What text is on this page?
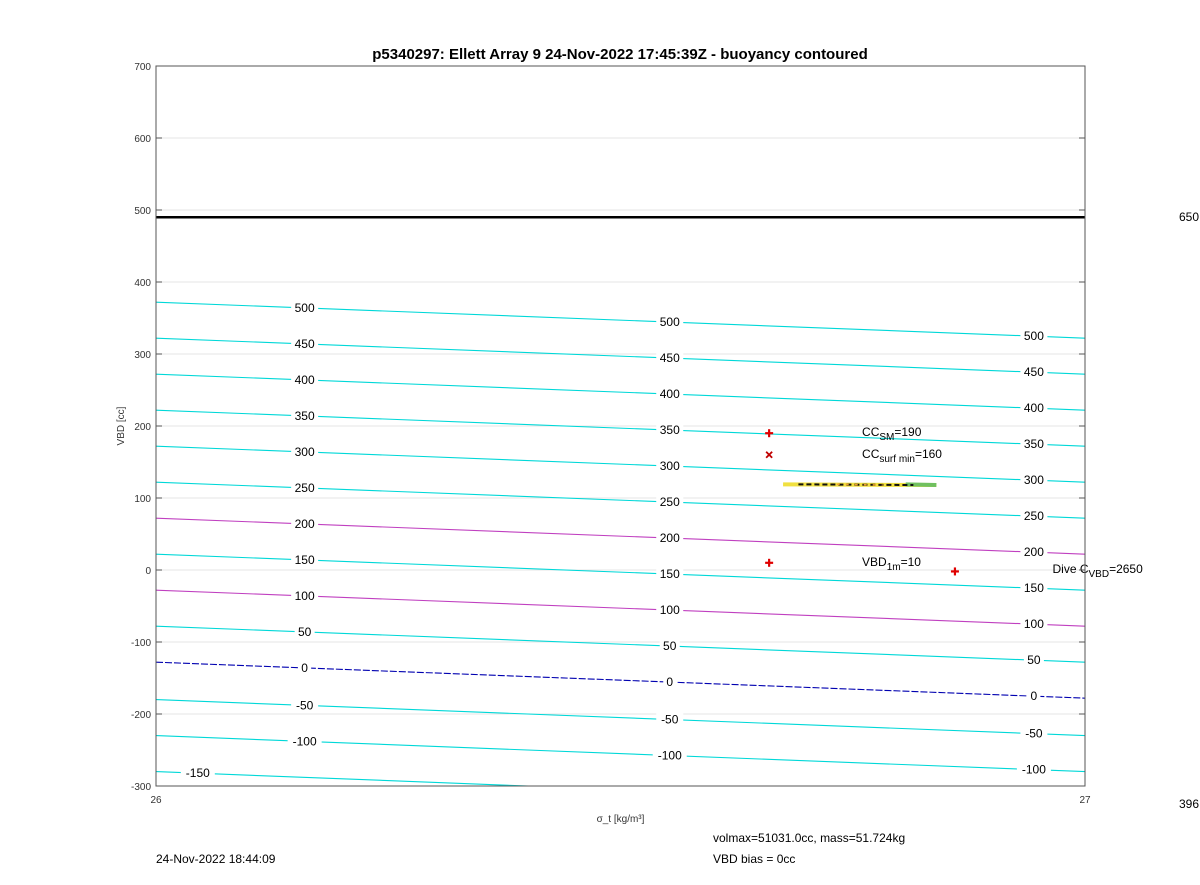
-150
-100
-100
-100
-50
-50
-50
0
0
0
50
50
50
100
100
100
150
150
150
200
200
200
250
250
250
300
300
300
350
350
350
400
400
400
450
450
450
500
500
500
$CC_{SM}=190$
$CC_{surf min}=160$
$VBD_{1m}=10$
Dive $C_{VBD}=2650$
-300
-200
-100
0
100
200
300
400
500
600
700
26	27
VBD [cc]
σ_t [kg/m³]
p5340297: Ellett Array 9 24-Nov-2022 17:45:39Z - buoyancy contoured
650
396
24-Nov-2022 18:44:09
volmax=51031.0cc, mass=51.724kg
VBD bias = 0cc
